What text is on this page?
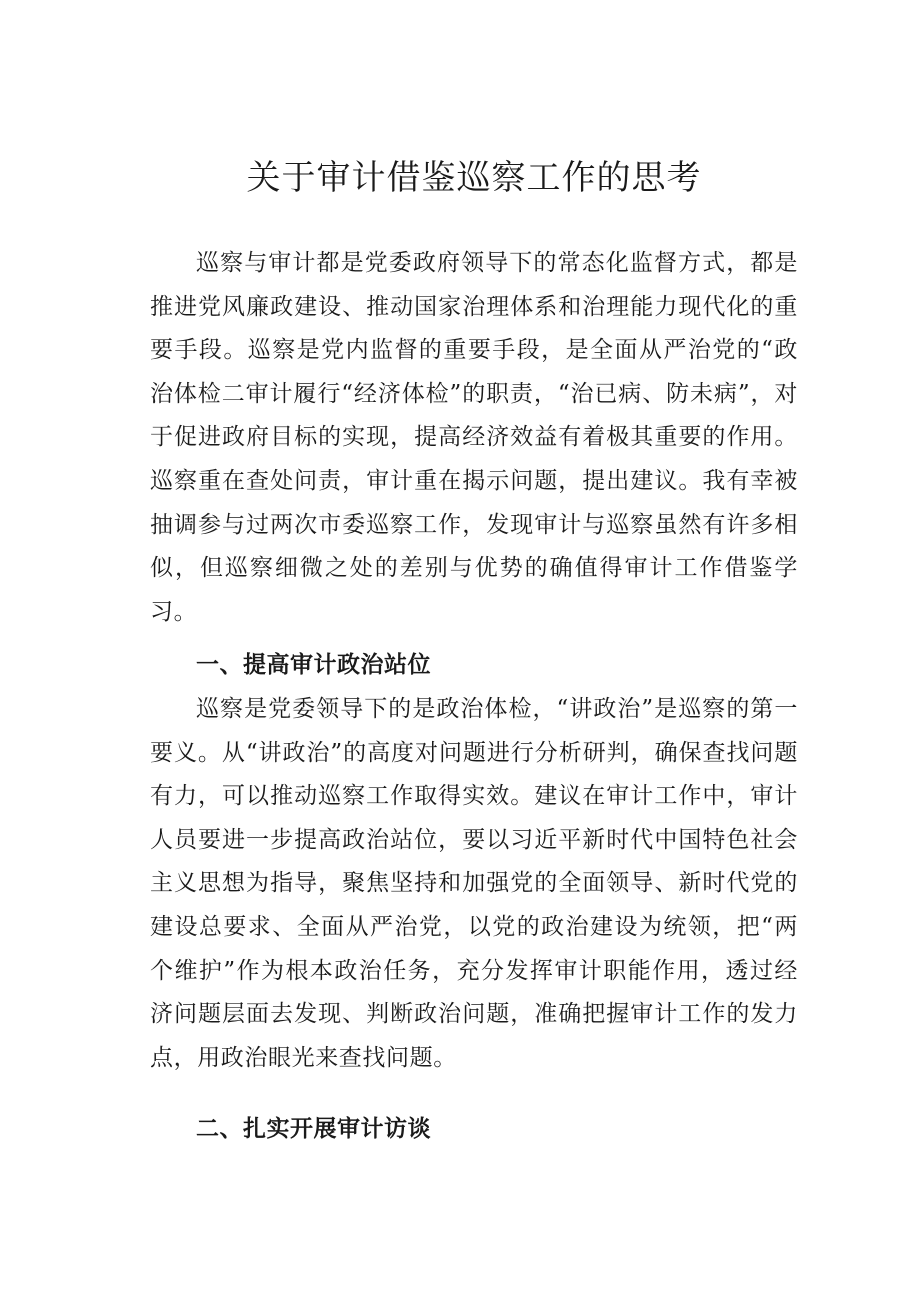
关于审计借鉴巡察工作的思考

巡察与审计都是党委政府领导下的常态化监督方式，都是推进党风廉政建设、推动国家治理体系和治理能力现代化的重要手段。巡察是党内监督的重要手段，是全面从严治党的“政治体检二审计履行“经济体检”的职责，“治已病、防未病”，对于促进政府目标的实现，提高经济效益有着极其重要的作用。巡察重在查处问责，审计重在揭示问题，提出建议。我有幸被抽调参与过两次市委巡察工作，发现审计与巡察虽然有许多相似，但巡察细微之处的差别与优势的确值得审计工作借鉴学习。

一、提高审计政治站位

巡察是党委领导下的是政治体检，“讲政治”是巡察的第一要义。从“讲政治”的高度对问题进行分析研判，确保查找问题有力，可以推动巡察工作取得实效。建议在审计工作中，审计人员要进一步提高政治站位，要以习近平新时代中国特色社会主义思想为指导，聚焦坚持和加强党的全面领导、新时代党的建设总要求、全面从严治党，以党的政治建设为统领，把“两个维护”作为根本政治任务，充分发挥审计职能作用，透过经济问题层面去发现、判断政治问题，准确把握审计工作的发力点，用政治眼光来查找问题。

二、扎实开展审计访谈
